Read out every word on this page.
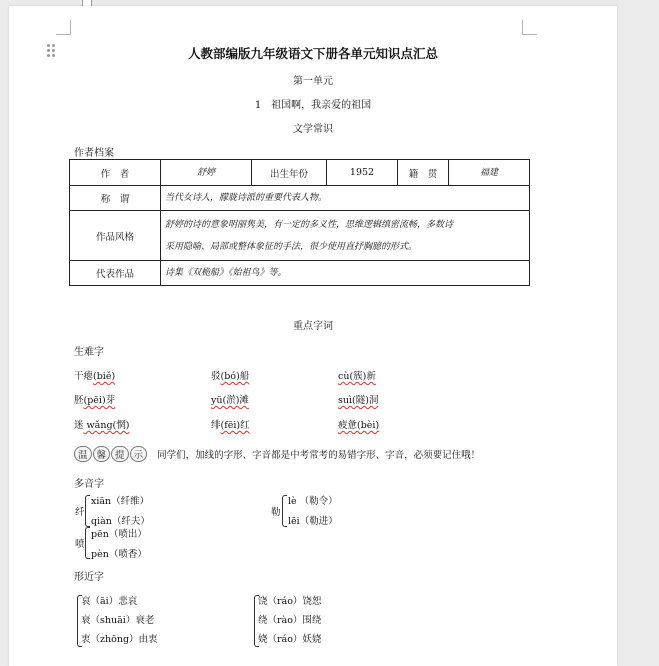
人教部编版九年级语文下册各单元知识点汇总
第一单元
1　祖国啊，我亲爱的祖国
文学常识
作者档案
作　者	舒婷	出生年份	1952	籍　贯	福建
称　谓	当代女诗人，朦胧诗派的重要代表人物。				
作品风格	舒婷的诗的意象明丽隽美，有一定的多义性，思维逻辑缜密流畅，多数诗
采用隐喻、局部或整体象征的手法，很少使用直抒胸臆的形式。				
代表作品	诗集《双桅船》《始祖鸟》等。				
重点字词
生难字
干瘪(biě)	驳(bó)船	cù(簇)新
胚(pēi)芽	yū(淤)滩	suì(隧)洞
迷 wǎng(惘)	绯(fēi)红	疲惫(bèi)
温 馨 提 示 同学们，加线的字形、字音都是中考常考的易错字形、字音，必须要记住哦！
多音字
纤
xiān（纤维）
qiàn（纤夫）
勒
lè （勒令）
lēi（勒进）
喷
pēn（喷出）
pèn（喷香）
形近字
哀（āi）悲哀
衰（shuāi）衰老
衷（zhōng）由衷
饶（ráo）饶恕
绕（rào）围绕
娆（ráo）妖娆
